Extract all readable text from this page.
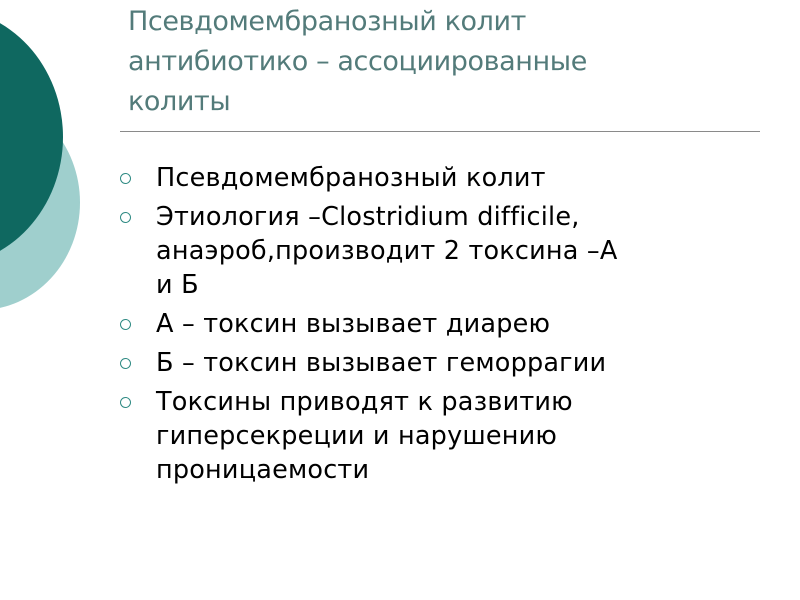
Псевдомембранозный колит
антибиотико – ассоциированные
колиты
Псевдомембранозный колит
Этиология –Clostridium difficile,
анаэроб,производит 2 токсина –А
и Б
А – токсин вызывает диарею
Б – токсин вызывает геморрагии
Токсины приводят к развитию
гиперсекреции и нарушению
проницаемости
